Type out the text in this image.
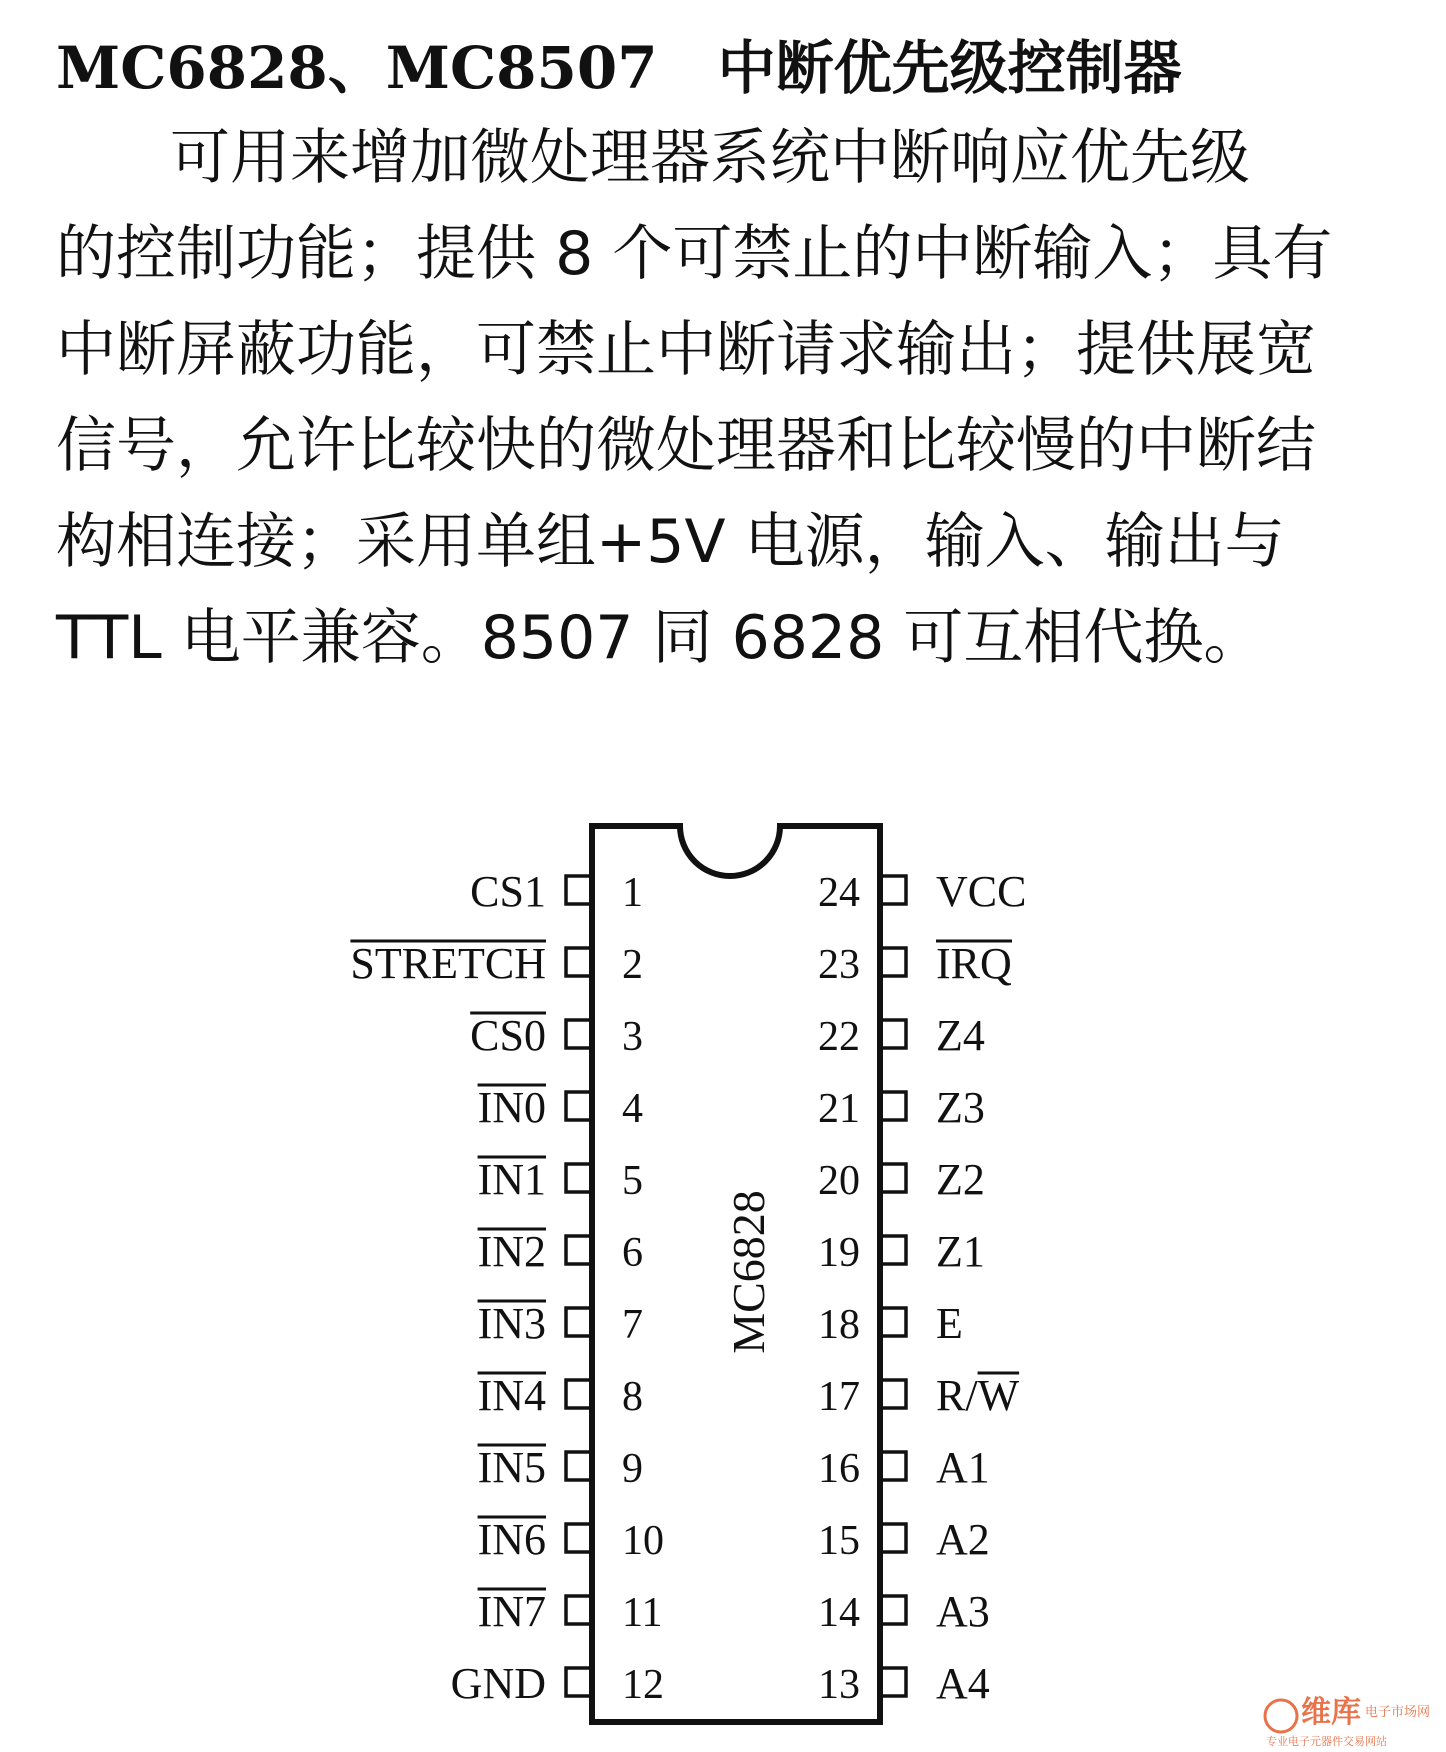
MC6828、MC8507 中断优先级控制器
可用来增加微处理器系统中断响应优先级
的控制功能；提供 8 个可禁止的中断输入；具有
中断屏蔽功能，可禁止中断请求输出；提供展宽
信号，允许比较快的微处理器和比较慢的中断结
构相连接；采用单组+5V 电源，输入、输出与
TTL 电平兼容。8507 同 6828 可互相代换。
MC6828
CS1 1
STRETCH 2
CS0 3
IN0 4
IN1 5
IN2 6
IN3 7
IN4 8
IN5 9
IN6 10
IN7 11
GND 12
24 VCC
23 IRQ
22 Z4
21 Z3
20 Z2
19 Z1
18 E
17 R/W
16 A1
15 A2
14 A3
13 A4
维库 电子市场网
专业电子元器件交易网站
